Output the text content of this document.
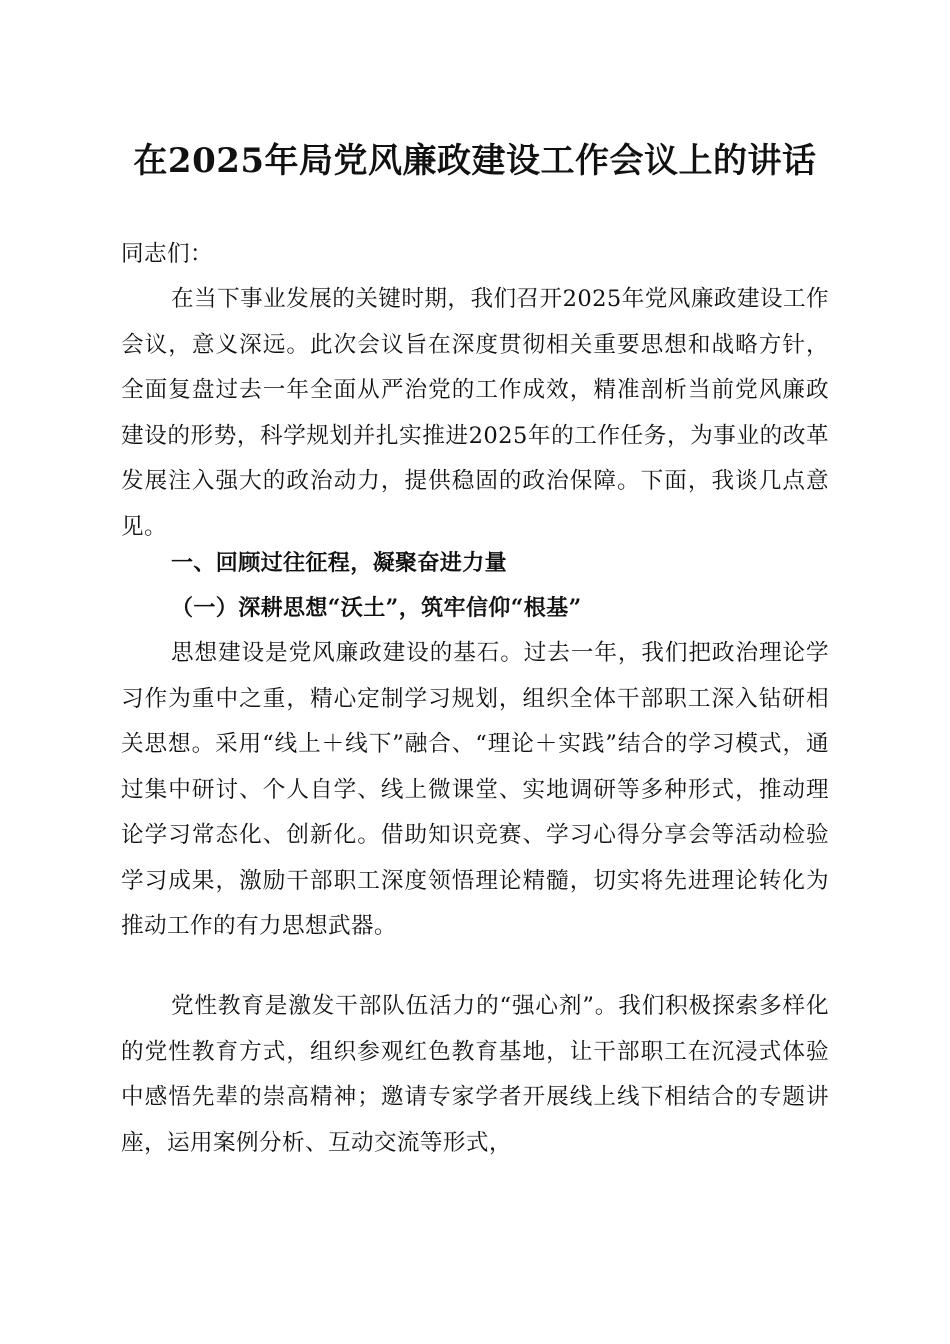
在2025年局党风廉政建设工作会议上的讲话

同志们：

在当下事业发展的关键时期，我们召开2025年党风廉政建设工作会议，意义深远。此次会议旨在深度贯彻相关重要思想和战略方针，全面复盘过去一年全面从严治党的工作成效，精准剖析当前党风廉政建设的形势，科学规划并扎实推进2025年的工作任务，为事业的改革发展注入强大的政治动力，提供稳固的政治保障。下面，我谈几点意见。

一、回顾过往征程，凝聚奋进力量

（一）深耕思想“沃土”，筑牢信仰“根基”

思想建设是党风廉政建设的基石。过去一年，我们把政治理论学习作为重中之重，精心定制学习规划，组织全体干部职工深入钻研相关思想。采用“线上＋线下”融合、“理论＋实践”结合的学习模式，通过集中研讨、个人自学、线上微课堂、实地调研等多种形式，推动理论学习常态化、创新化。借助知识竞赛、学习心得分享会等活动检验学习成果，激励干部职工深度领悟理论精髓，切实将先进理论转化为推动工作的有力思想武器。

党性教育是激发干部队伍活力的“强心剂”。我们积极探索多样化的党性教育方式，组织参观红色教育基地，让干部职工在沉浸式体验中感悟先辈的崇高精神；邀请专家学者开展线上线下相结合的专题讲座，运用案例分析、互动交流等形式，
